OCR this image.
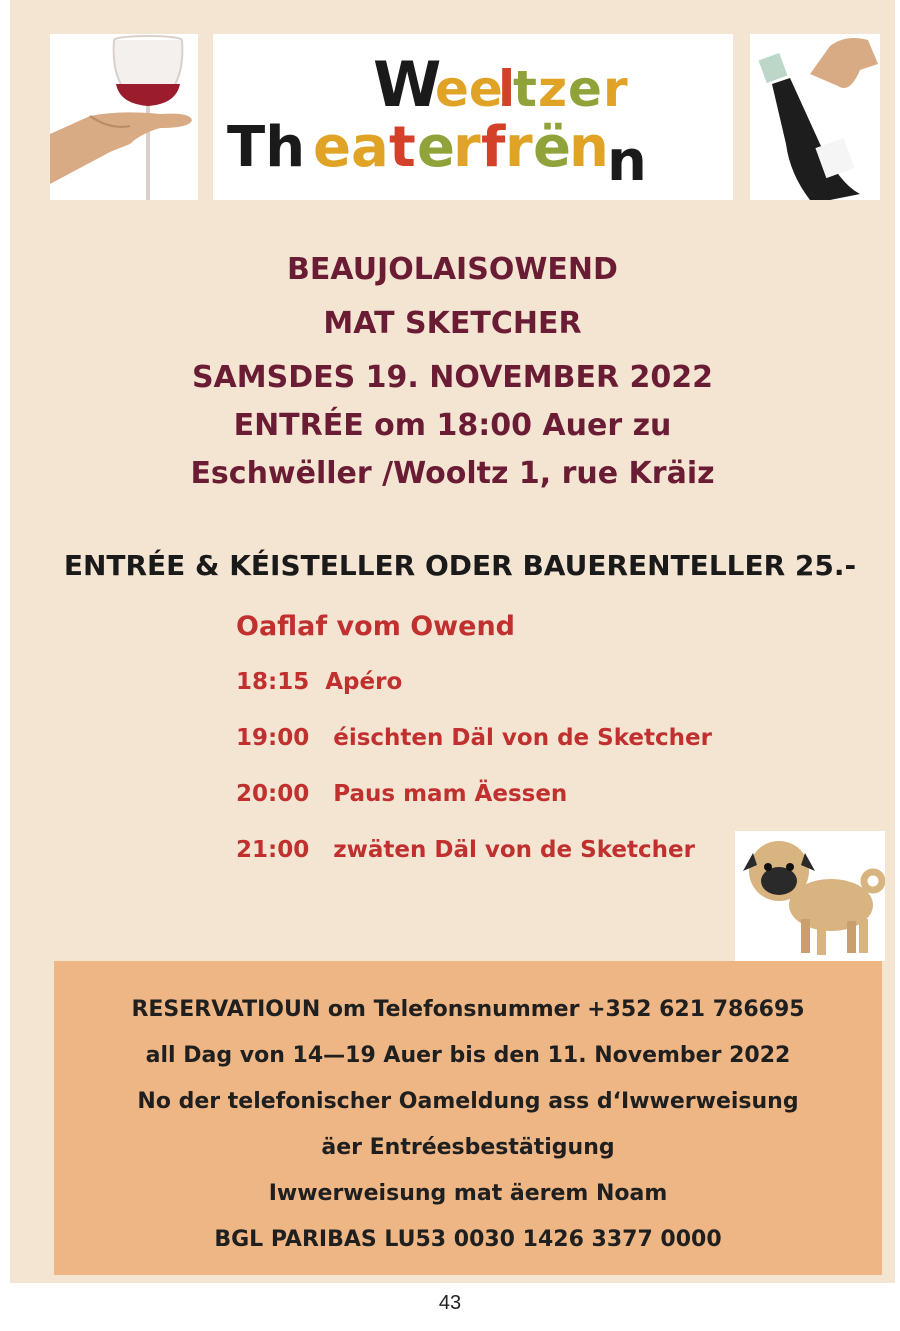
W
ee
l
t z e r
Th ea t e
r f r ë
n
n
BEAUJOLAISOWEND
MAT SKETCHER
SAMSDES 19. NOVEMBER 2022
ENTRÉE om 18:00 Auer zu
Eschwëller /Wooltz 1, rue Kräiz
ENTRÉE & KÉISTELLER ODER BAUERENTELLER 25.-
Oaflaf vom Owend
18:15 Apéro
19:00 éischten Däl von de Sketcher
20:00 Paus mam Äessen
21:00 zwäten Däl von de Sketcher
RESERVATIOUN om Telefonsnummer +352 621 786695
all Dag von 14—19 Auer bis den 11. November 2022
No der telefonischer Oameldung ass d‘Iwwerweisung
äer Entréesbestätigung
Iwwerweisung mat äerem Noam
BGL PARIBAS LU53 0030 1426 3377 0000
43
